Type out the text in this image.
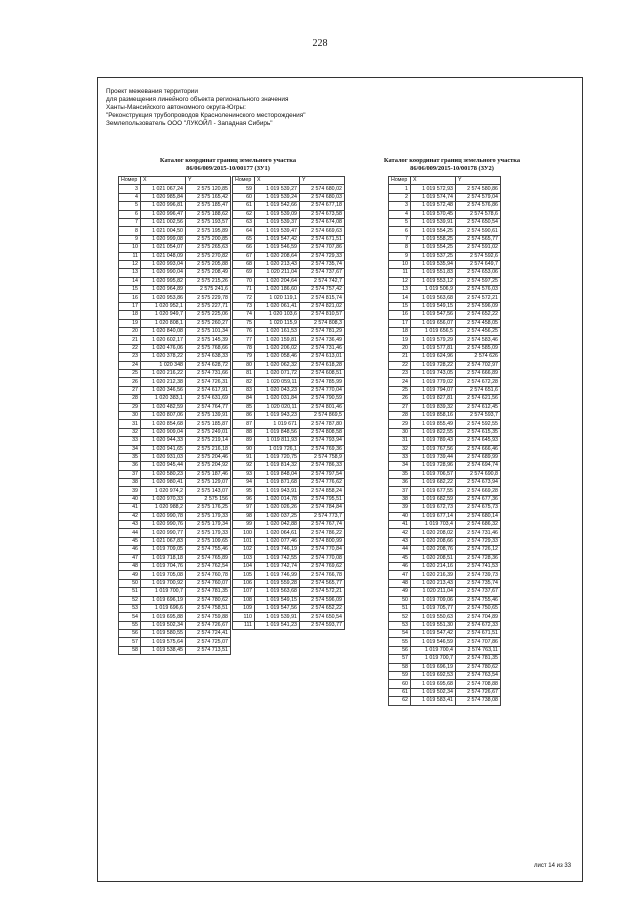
228
Проект межевания территории
для размещения линейного объекта регионального значения
Ханты-Мансийского автономного округа-Югры:
"Реконструкция трубопроводов Красноленинского месторождения"
Землепользователь ООО "ЛУКОЙЛ - Западная Сибирь"
Каталог координат границ земельного участка
86/06/009/2015-10/00177 (ЗУ1)
Каталог координат границ земельного участка
86/06/009/2015-10/00178 (ЗУ2)
Номер	X	Y
3	1 021 067,24	2 575 120,85
4	1 020 985,84	2 575 165,42
5	1 020 996,81	2 575 185,47
6	1 020 996,47	2 575 188,62
7	1 021 002,56	2 575 193,57
8	1 021 004,50	2 575 195,89
9	1 020 999,08	2 575 200,85
10	1 021 054,07	2 575 265,63
11	1 021 048,09	2 575 270,82
12	1 020 993,04	2 575 205,88
13	1 020 990,04	2 575 208,49
14	1 020 995,82	2 575 215,26
15	1 020 964,89	2 575 241,6
16	1 020 953,86	2 575 229,78
17	1 020 952,1	2 575 227,71
18	1 020 949,7	2 575 225,06
19	1 020 808,1	2 575 260,27
20	1 020 840,08	2 575 101,34
21	1 020 602,17	2 575 145,39
22	1 020 476,06	2 575 768,66
23	1 020 378,22	2 574 638,33
24	1 020 348	2 574 628,72
25	1 020 216,22	2 574 731,66
26	1 020 212,38	2 574 726,31
27	1 020 346,56	2 574 617,91
28	1 020 383,1	2 574 631,69
29	1 020 482,59	2 574 764,77
30	1 020 807,06	2 575 139,91
31	1 020 854,68	2 575 185,87
32	1 020 909,04	2 575 249,01
33	1 020 944,33	2 575 219,14
34	1 020 941,65	2 575 216,18
35	1 020 931,03	2 575 204,46
36	1 020 945,44	2 575 204,92
37	1 020 580,23	2 575 187,46
38	1 020 980,41	2 575 129,07
39	1 020 974,2	2 575 143,07
40	1 020 970,33	2 575 156
41	1 020 988,2	2 575 176,25
42	1 020 990,78	2 575 179,33
43	1 020 990,76	2 575 179,34
44	1 020 990,77	2 575 179,33
45	1 021 067,83	2 575 109,65
46	1 019 709,05	2 574 755,46
47	1 019 718,18	2 574 765,89
48	1 019 704,76	2 574 762,54
49	1 019 705,08	2 574 760,78
50	1 019 700,92	2 574 760,07
51	1 019 700,7	2 574 781,35
52	1 019 696,19	2 574 780,62
53	1 019 696,6	2 574 758,51
54	1 019 695,88	2 574 759,88
55	1 019 502,34	2 574 726,67
56	1 019 580,55	2 574 724,41
57	1 019 575,64	2 574 725,07
58	1 019 538,45	2 574 713,51
Номер	X	Y
59	1 019 539,27	2 574 680,02
60	1 019 539,24	2 574 680,03
61	1 019 542,66	2 574 677,18
62	1 019 539,09	2 574 673,58
63	1 019 539,37	2 574 674,08
64	1 019 539,47	2 574 669,63
65	1 019 547,42	2 574 671,51
66	1 019 546,59	2 574 707,86
67	1 020 208,64	2 574 729,33
68	1 020 213,43	2 574 735,74
69	1 020 211,04	2 574 737,67
70	1 020 204,64	2 574 742,7
71	1 020 186,60	2 574 757,42
72	1 020 119,1	2 574 815,74
73	1 020 061,41	2 574 821,02
74	1 020 103,6	2 574 810,57
75	1 020 115,9	2 574 808,3
76	1 020 161,53	2 574 781,29
77	1 020 159,81	2 574 736,49
78	1 020 206,02	2 574 731,46
79	1 020 058,46	2 574 613,01
80	1 020 062,32	2 574 618,28
81	1 020 071,72	2 574 608,51
82	1 020 059,11	2 574 785,99
83	1 020 043,23	2 574 770,04
84	1 020 031,84	2 574 790,59
85	1 020 020,11	2 574 801,46
86	1 019 943,23	2 574 869,5
87	1 019 671	2 574 787,80
88	1 019 848,56	2 574 808,58
89	1 019 811,93	2 574 793,94
90	1 019 726,1	2 574 769,36
91	1 019 720,75	2 574 758,9
92	1 019 814,32	2 574 786,33
93	1 019 848,04	2 574 797,54
94	1 019 871,68	2 574 776,62
95	1 019 943,91	2 574 858,24
96	1 020 014,78	2 574 795,51
97	1 020 026,26	2 574 784,84
98	1 020 037,25	2 574 773,7
99	1 020 042,88	2 574 767,74
100	1 020 064,61	2 574 786,22
101	1 020 077,46	2 574 800,99
102	1 019 746,19	2 574 770,84
103	1 019 742,55	2 574 770,08
104	1 019 742,74	2 574 769,62
105	1 019 746,99	2 574 766,78
106	1 019 559,28	2 574 565,77
107	1 019 563,68	2 574 572,21
108	1 019 549,15	2 574 596,09
109	1 019 547,56	2 574 652,22
110	1 019 539,91	2 574 650,54
111	1 019 541,23	2 574 593,77
Номер	X	Y
1	1 019 572,93	2 574 580,86
2	1 019 574,74	2 574 579,04
3	1 019 572,48	2 574 576,86
4	1 019 570,45	2 574 578,6
5	1 019 539,91	2 574 650,54
6	1 019 554,25	2 574 590,61
7	1 019 558,25	2 574 565,77
8	1 019 554,25	2 574 591,02
9	1 019 537,25	2 574 592,6
10	1 019 535,94	2 574 649,7
11	1 019 551,83	2 574 653,06
12	1 019 553,12	2 574 597,25
13	1 019 506,9	2 574 576,03
14	1 019 563,68	2 574 572,21
15	1 019 549,15	2 574 596,09
16	1 019 547,56	2 574 652,22
17	1 019 656,07	2 574 458,05
18	1 019 656,5	2 574 456,25
19	1 019 579,29	2 574 583,46
20	1 019 577,81	2 574 585,09
21	1 019 624,96	2 574 626
22	1 019 728,22	2 574 702,97
23	1 019 743,05	2 574 666,89
24	1 019 779,02	2 574 672,28
25	1 019 794,07	2 574 651,6
26	1 019 827,81	2 574 621,56
27	1 019 839,32	2 574 612,45
28	1 019 858,16	2 574 593,7
29	1 019 855,49	2 574 592,55
30	1 019 822,55	2 574 615,35
31	1 019 789,43	2 574 645,93
32	1 019 767,56	2 574 666,46
33	1 019 739,44	2 574 689,99
34	1 019 728,96	2 574 694,74
35	1 019 706,57	2 574 690,8
36	1 019 682,22	2 574 673,94
37	1 019 677,55	2 574 669,28
38	1 019 682,59	2 574 677,36
39	1 019 672,73	2 574 675,73
40	1 019 677,14	2 574 680,14
41	1 019 703,4	2 574 686,32
42	1 020 208,02	2 574 731,46
43	1 020 208,66	2 574 729,33
44	1 020 208,76	2 574 726,12
45	1 020 208,51	2 574 728,36
46	1 020 214,16	2 574 741,53
47	1 020 216,39	2 574 739,73
48	1 020 213,43	2 574 735,74
49	1 020 211,04	2 574 737,67
50	1 019 709,06	2 574 755,46
51	1 019 705,77	2 574 750,65
52	1 019 550,63	2 574 704,89
53	1 019 551,30	2 574 672,33
54	1 019 547,42	2 574 671,51
55	1 019 546,59	2 574 707,86
56	1 019 700,4	2 574 763,11
57	1 019 700,7	2 574 781,35
58	1 019 696,19	2 574 780,62
59	1 019 692,53	2 574 763,54
60	1 019 695,68	2 574 708,88
61	1 019 502,34	2 574 726,67
62	1 019 583,41	2 574 738,08
лист 14 из 33
